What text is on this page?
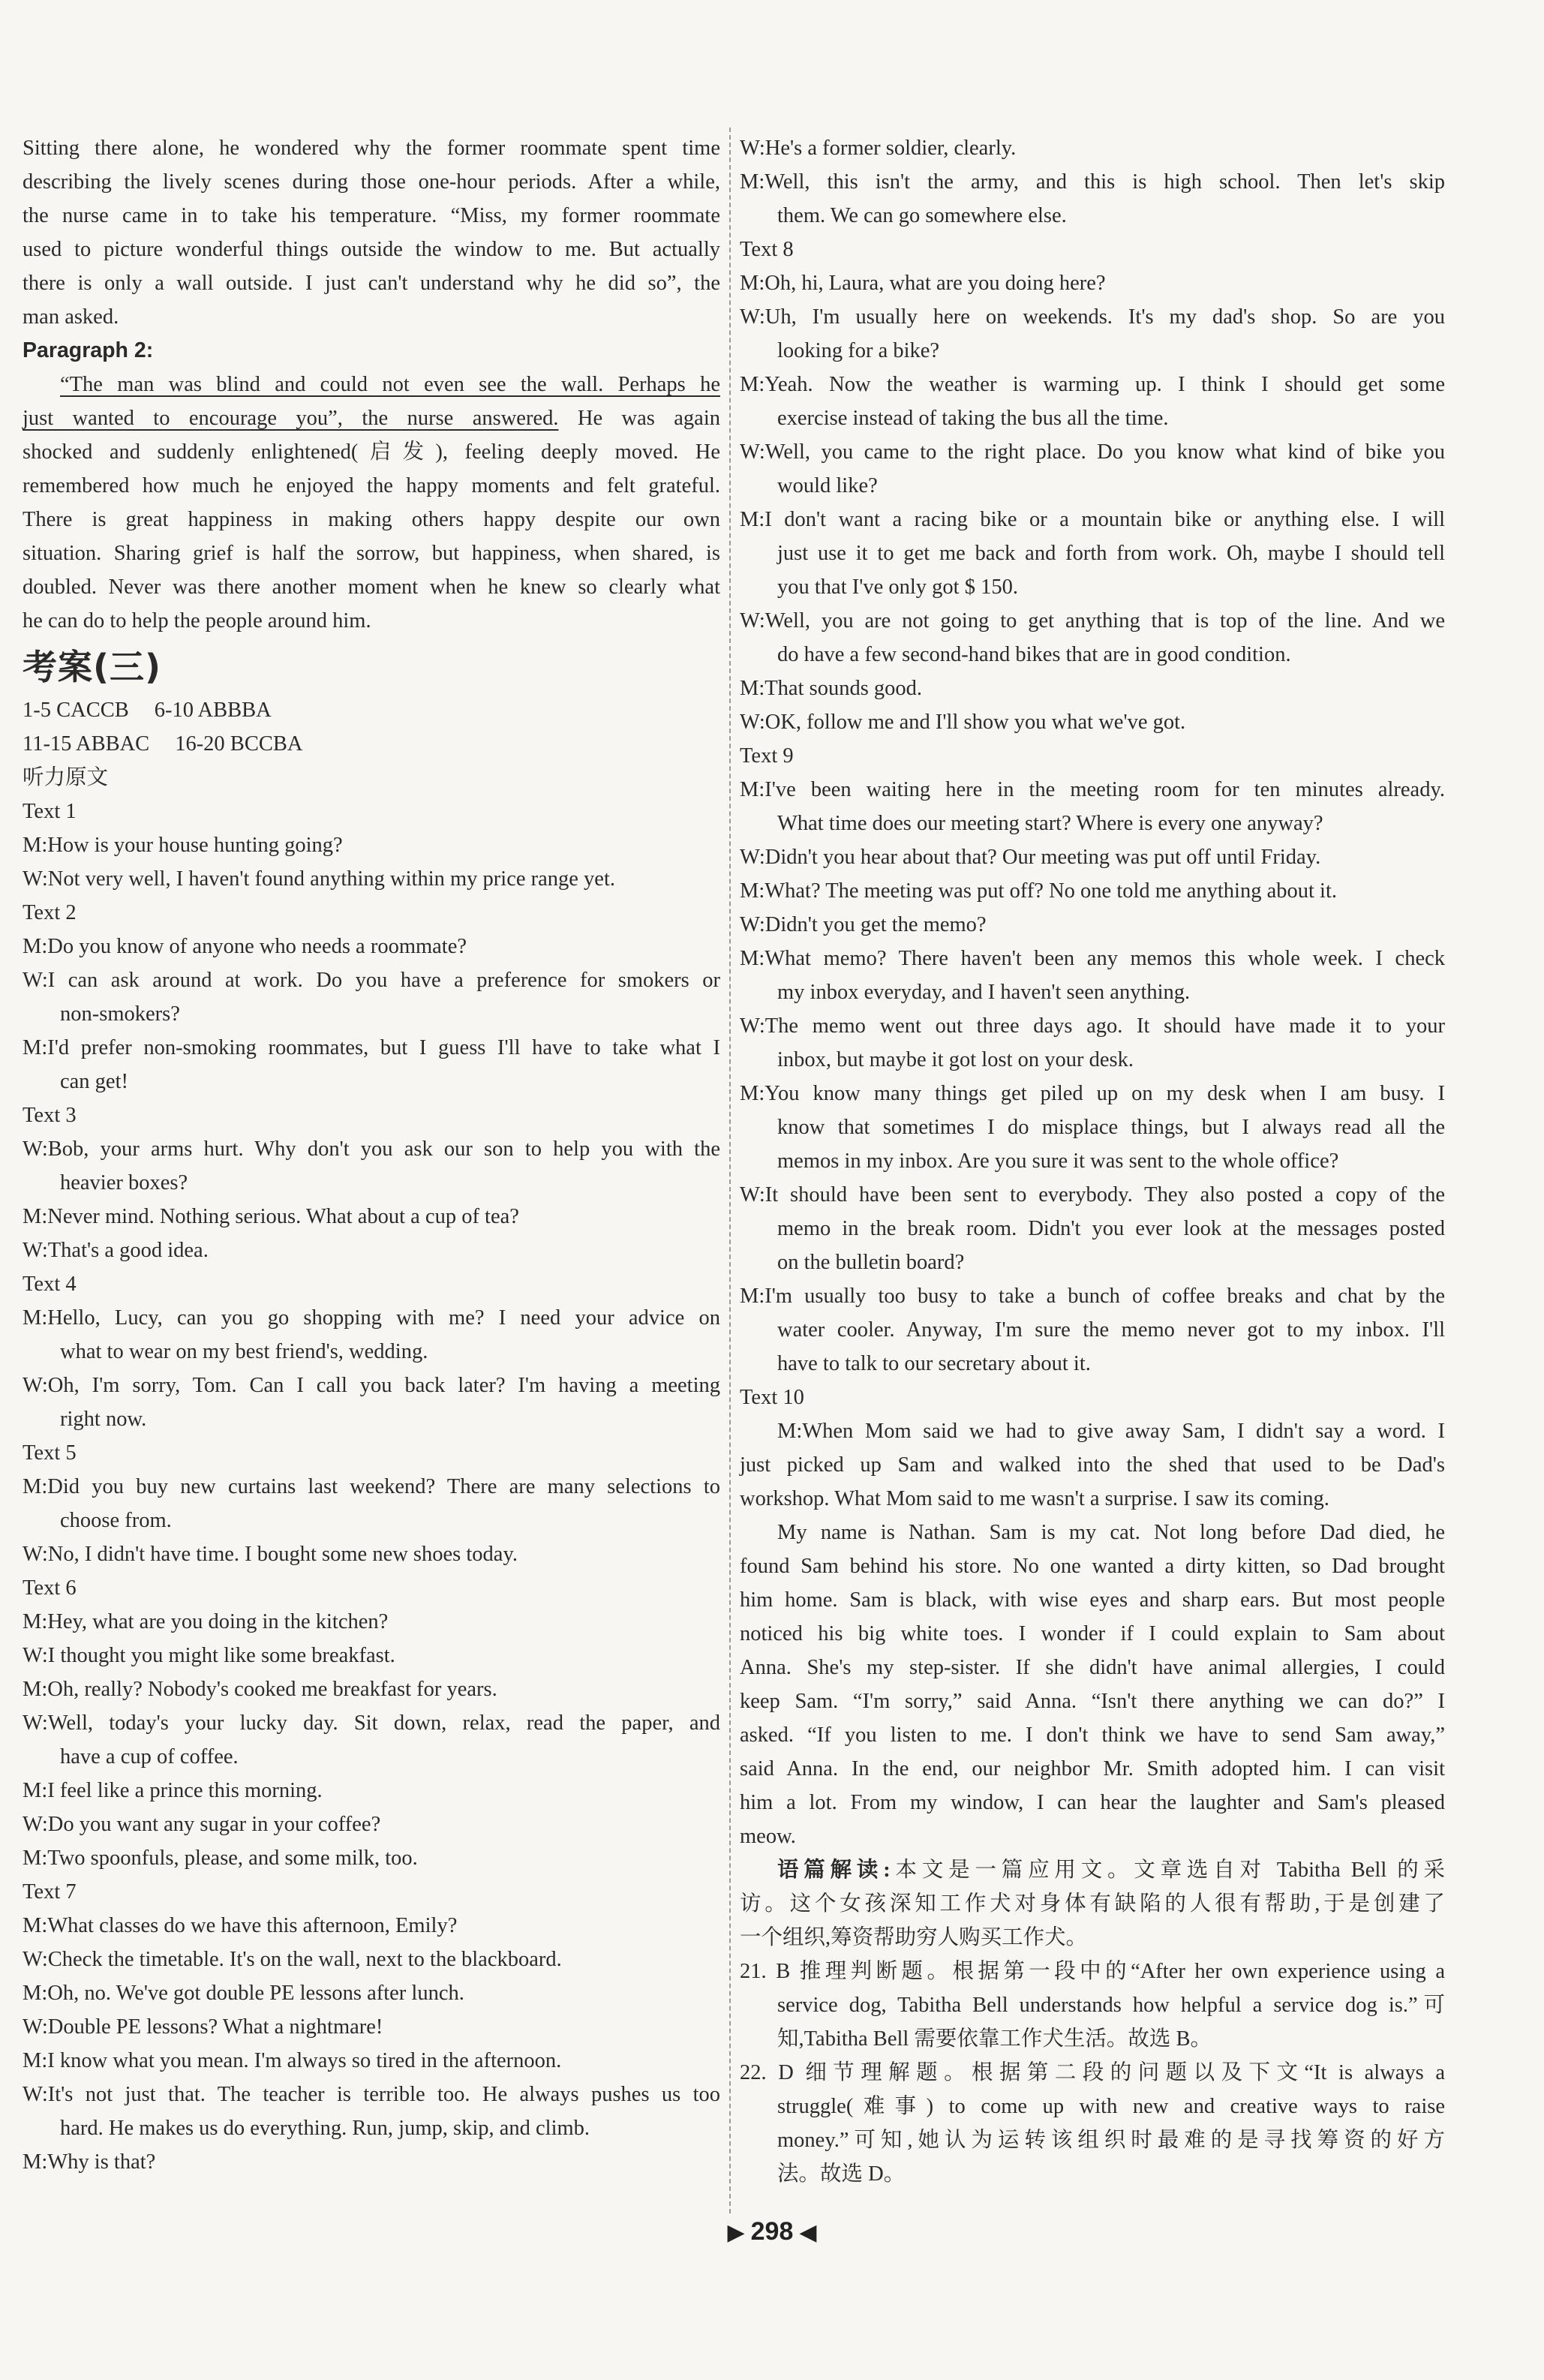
Sitting there alone, he wondered why the former roommate spent time
describing the lively scenes during those one-hour periods. After a while,
the nurse came in to take his temperature. “Miss, my former roommate
used to picture wonderful things outside the window to me. But actually
there is only a wall outside. I just can't understand why he did so”, the
man asked.
Paragraph 2:
“The man was blind and could not even see the wall. Perhaps he
just wanted to encourage you”, the nurse answered. He was again
shocked and suddenly enlightened(启发), feeling deeply moved. He
remembered how much he enjoyed the happy moments and felt grateful.
There is great happiness in making others happy despite our own
situation. Sharing grief is half the sorrow, but happiness, when shared, is
doubled. Never was there another moment when he knew so clearly what
he can do to help the people around him.
考案(三)
1-5 CACCB 6-10 ABBBA
11-15 ABBAC 16-20 BCCBA
听力原文
Text 1
M:How is your house hunting going?
W:Not very well, I haven't found anything within my price range yet.
Text 2
M:Do you know of anyone who needs a roommate?
W:I can ask around at work. Do you have a preference for smokers or
non-smokers?
M:I'd prefer non-smoking roommates, but I guess I'll have to take what I
can get!
Text 3
W:Bob, your arms hurt. Why don't you ask our son to help you with the
heavier boxes?
M:Never mind. Nothing serious. What about a cup of tea?
W:That's a good idea.
Text 4
M:Hello, Lucy, can you go shopping with me? I need your advice on
what to wear on my best friend's, wedding.
W:Oh, I'm sorry, Tom. Can I call you back later? I'm having a meeting
right now.
Text 5
M:Did you buy new curtains last weekend? There are many selections to
choose from.
W:No, I didn't have time. I bought some new shoes today.
Text 6
M:Hey, what are you doing in the kitchen?
W:I thought you might like some breakfast.
M:Oh, really? Nobody's cooked me breakfast for years.
W:Well, today's your lucky day. Sit down, relax, read the paper, and
have a cup of coffee.
M:I feel like a prince this morning.
W:Do you want any sugar in your coffee?
M:Two spoonfuls, please, and some milk, too.
Text 7
M:What classes do we have this afternoon, Emily?
W:Check the timetable. It's on the wall, next to the blackboard.
M:Oh, no. We've got double PE lessons after lunch.
W:Double PE lessons? What a nightmare!
M:I know what you mean. I'm always so tired in the afternoon.
W:It's not just that. The teacher is terrible too. He always pushes us too
hard. He makes us do everything. Run, jump, skip, and climb.
M:Why is that?
W:He's a former soldier, clearly.
M:Well, this isn't the army, and this is high school. Then let's skip
them. We can go somewhere else.
Text 8
M:Oh, hi, Laura, what are you doing here?
W:Uh, I'm usually here on weekends. It's my dad's shop. So are you
looking for a bike?
M:Yeah. Now the weather is warming up. I think I should get some
exercise instead of taking the bus all the time.
W:Well, you came to the right place. Do you know what kind of bike you
would like?
M:I don't want a racing bike or a mountain bike or anything else. I will
just use it to get me back and forth from work. Oh, maybe I should tell
you that I've only got $ 150.
W:Well, you are not going to get anything that is top of the line. And we
do have a few second-hand bikes that are in good condition.
M:That sounds good.
W:OK, follow me and I'll show you what we've got.
Text 9
M:I've been waiting here in the meeting room for ten minutes already.
What time does our meeting start? Where is every one anyway?
W:Didn't you hear about that? Our meeting was put off until Friday.
M:What? The meeting was put off? No one told me anything about it.
W:Didn't you get the memo?
M:What memo? There haven't been any memos this whole week. I check
my inbox everyday, and I haven't seen anything.
W:The memo went out three days ago. It should have made it to your
inbox, but maybe it got lost on your desk.
M:You know many things get piled up on my desk when I am busy. I
know that sometimes I do misplace things, but I always read all the
memos in my inbox. Are you sure it was sent to the whole office?
W:It should have been sent to everybody. They also posted a copy of the
memo in the break room. Didn't you ever look at the messages posted
on the bulletin board?
M:I'm usually too busy to take a bunch of coffee breaks and chat by the
water cooler. Anyway, I'm sure the memo never got to my inbox. I'll
have to talk to our secretary about it.
Text 10
M:When Mom said we had to give away Sam, I didn't say a word. I
just picked up Sam and walked into the shed that used to be Dad's
workshop. What Mom said to me wasn't a surprise. I saw its coming.
My name is Nathan. Sam is my cat. Not long before Dad died, he
found Sam behind his store. No one wanted a dirty kitten, so Dad brought
him home. Sam is black, with wise eyes and sharp ears. But most people
noticed his big white toes. I wonder if I could explain to Sam about
Anna. She's my step-sister. If she didn't have animal allergies, I could
keep Sam. “I'm sorry,” said Anna. “Isn't there anything we can do?” I
asked. “If you listen to me. I don't think we have to send Sam away,”
said Anna. In the end, our neighbor Mr. Smith adopted him. I can visit
him a lot. From my window, I can hear the laughter and Sam's pleased
meow.
语篇解读:本文是一篇应用文。文章选自对 Tabitha Bell 的采
访。这个女孩深知工作犬对身体有缺陷的人很有帮助,于是创建了
一个组织,筹资帮助穷人购买工作犬。
21. B 推理判断题。根据第一段中的“After her own experience using a
service dog, Tabitha Bell understands how helpful a service dog is.”可
知,Tabitha Bell 需要依靠工作犬生活。故选 B。
22. D 细节理解题。根据第二段的问题以及下文“It is always a
struggle(难事) to come up with new and creative ways to raise
money.”可知,她认为运转该组织时最难的是寻找筹资的好方
法。故选 D。
▶ 298 ◀
